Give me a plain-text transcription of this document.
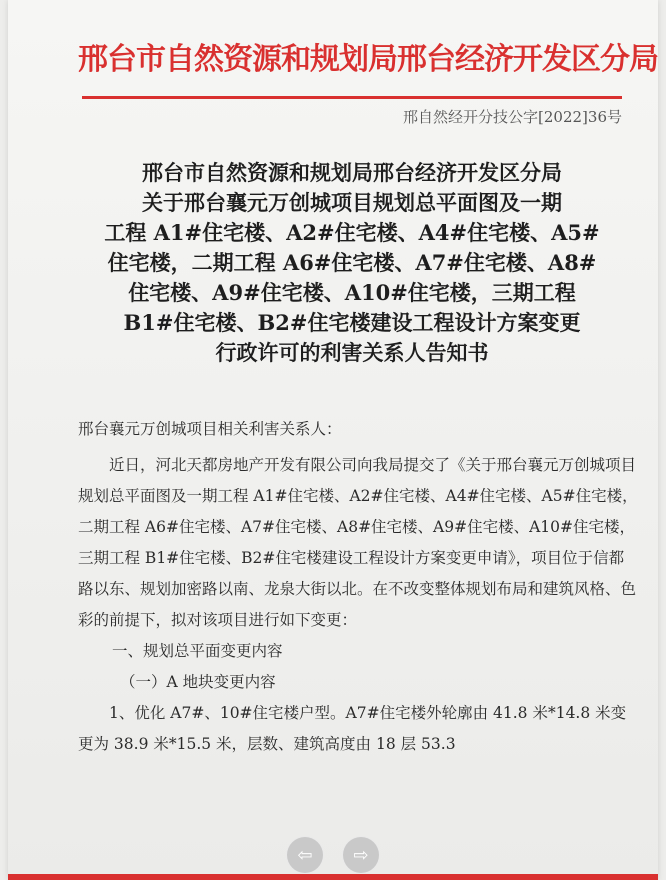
邢台市自然资源和规划局邢台经济开发区分局
邢自然经开分技公字[2022]36号
邢台市自然资源和规划局邢台经济开发区分局
关于邢台襄元万创城项目规划总平面图及一期
工程 A1#住宅楼、A2#住宅楼、A4#住宅楼、A5#
住宅楼，二期工程 A6#住宅楼、A7#住宅楼、A8#
住宅楼、A9#住宅楼、A10#住宅楼，三期工程
B1#住宅楼、B2#住宅楼建设工程设计方案变更
行政许可的利害关系人告知书

邢台襄元万创城项目相关利害关系人：

近日，河北天都房地产开发有限公司向我局提交了《关于邢台襄元万创城项目规划总平面图及一期工程 A1#住宅楼、A2#住宅楼、A4#住宅楼、A5#住宅楼，二期工程 A6#住宅楼、A7#住宅楼、A8#住宅楼、A9#住宅楼、A10#住宅楼，三期工程 B1#住宅楼、B2#住宅楼建设工程设计方案变更申请》，项目位于信都路以东、规划加密路以南、龙泉大街以北。在不改变整体规划布局和建筑风格、色彩的前提下，拟对该项目进行如下变更：

一、规划总平面变更内容

（一）A 地块变更内容

1、优化 A7#、10#住宅楼户型。A7#住宅楼外轮廓由 41.8 米*14.8 米变更为 38.9 米*15.5 米，层数、建筑高度由 18 层 53.3

⇦ ⇨
